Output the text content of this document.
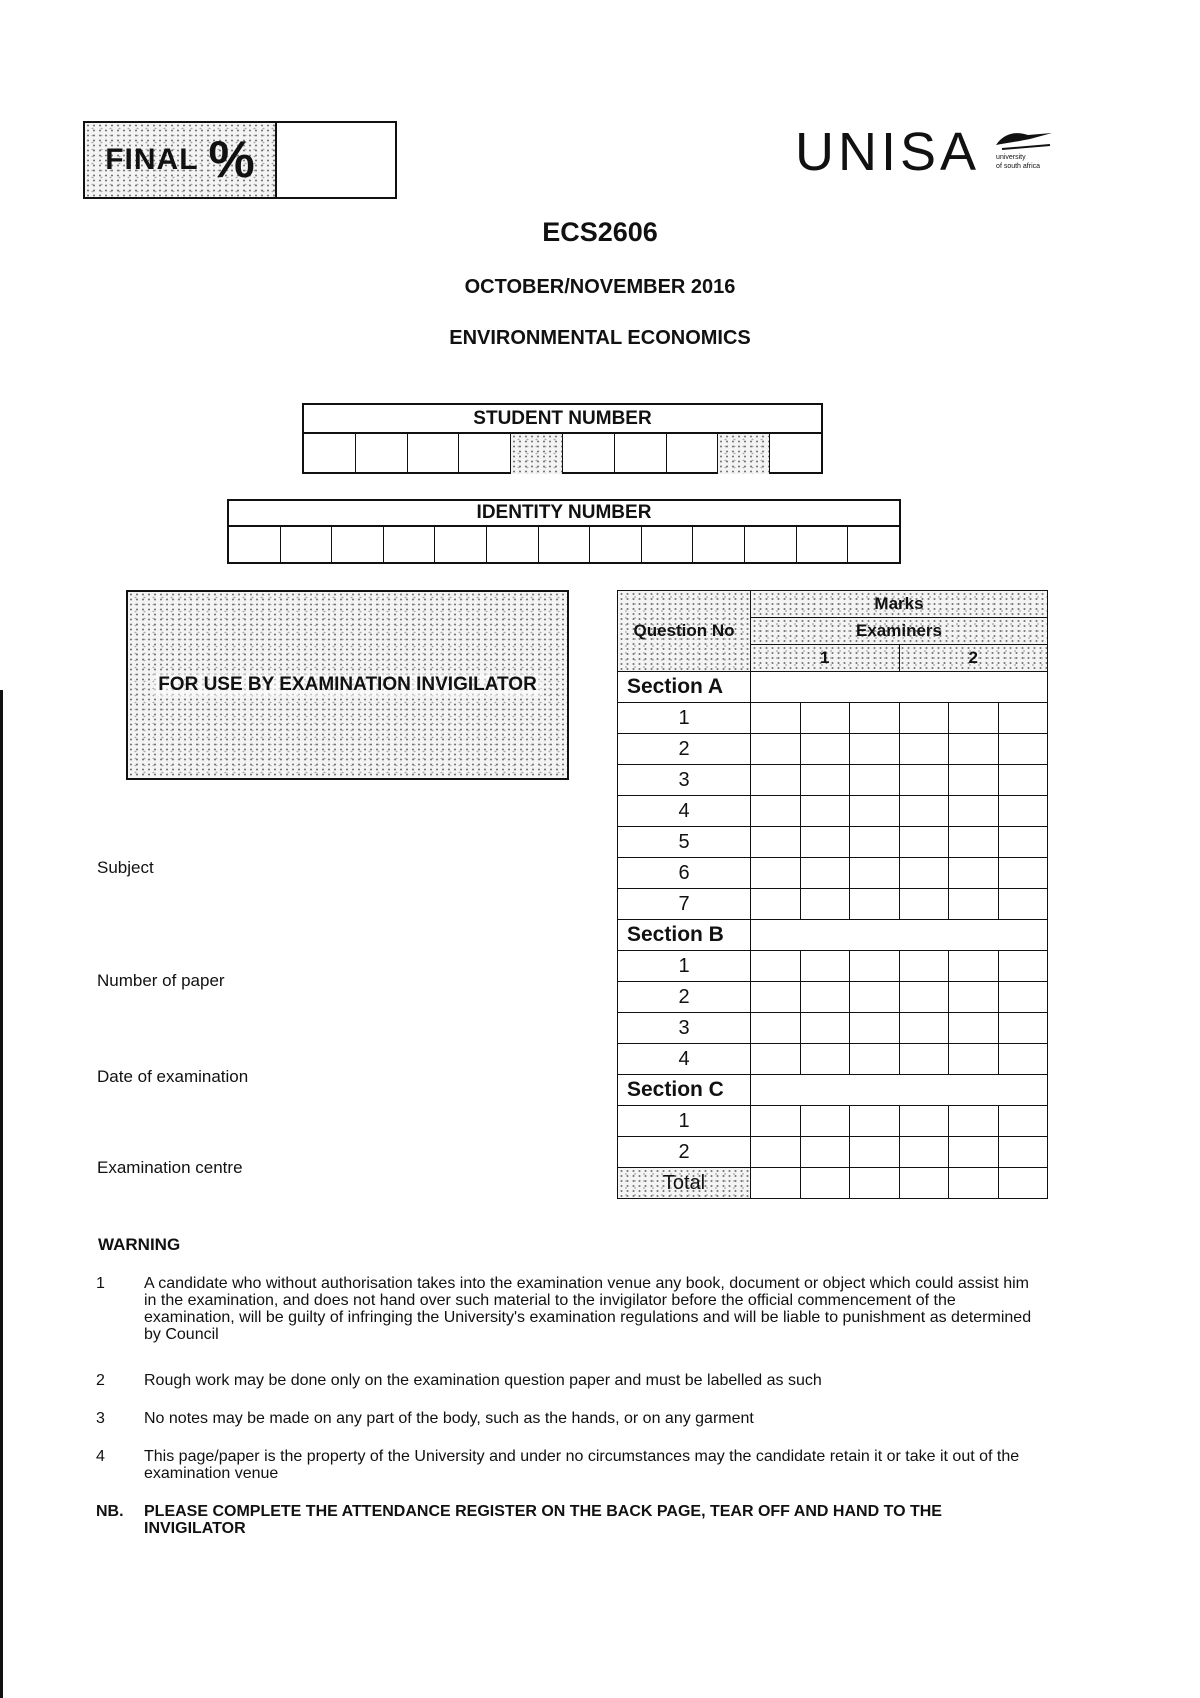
FINAL %	UNISA university
of south africa
ECS2606
OCTOBER/NOVEMBER 2016
ENVIRONMENTAL ECONOMICS
STUDENT NUMBER
IDENTITY NUMBER
FOR USE BY EXAMINATION INVIGILATOR
Subject
Number of paper
Date of examination
Examination centre
Question No	Marks					
	Examiners					
	1			2		
Section A						
1						
2						
3						
4						
5						
6						
7						
Section B						
1						
2						
3						
4						
Section C						
1						
2						
Total						
WARNING
1 A candidate who without authorisation takes into the examination venue any book, document or object which could assist him in the examination, and does not hand over such material to the invigilator before the official commencement of the examination, will be guilty of infringing the University's examination regulations and will be liable to punishment as determined by Council
2 Rough work may be done only on the examination question paper and must be labelled as such
3 No notes may be made on any part of the body, such as the hands, or on any garment
4 This page/paper is the property of the University and under no circumstances may the candidate retain it or take it out of the examination venue
NB. PLEASE COMPLETE THE ATTENDANCE REGISTER ON THE BACK PAGE, TEAR OFF AND HAND TO THE INVIGILATOR
